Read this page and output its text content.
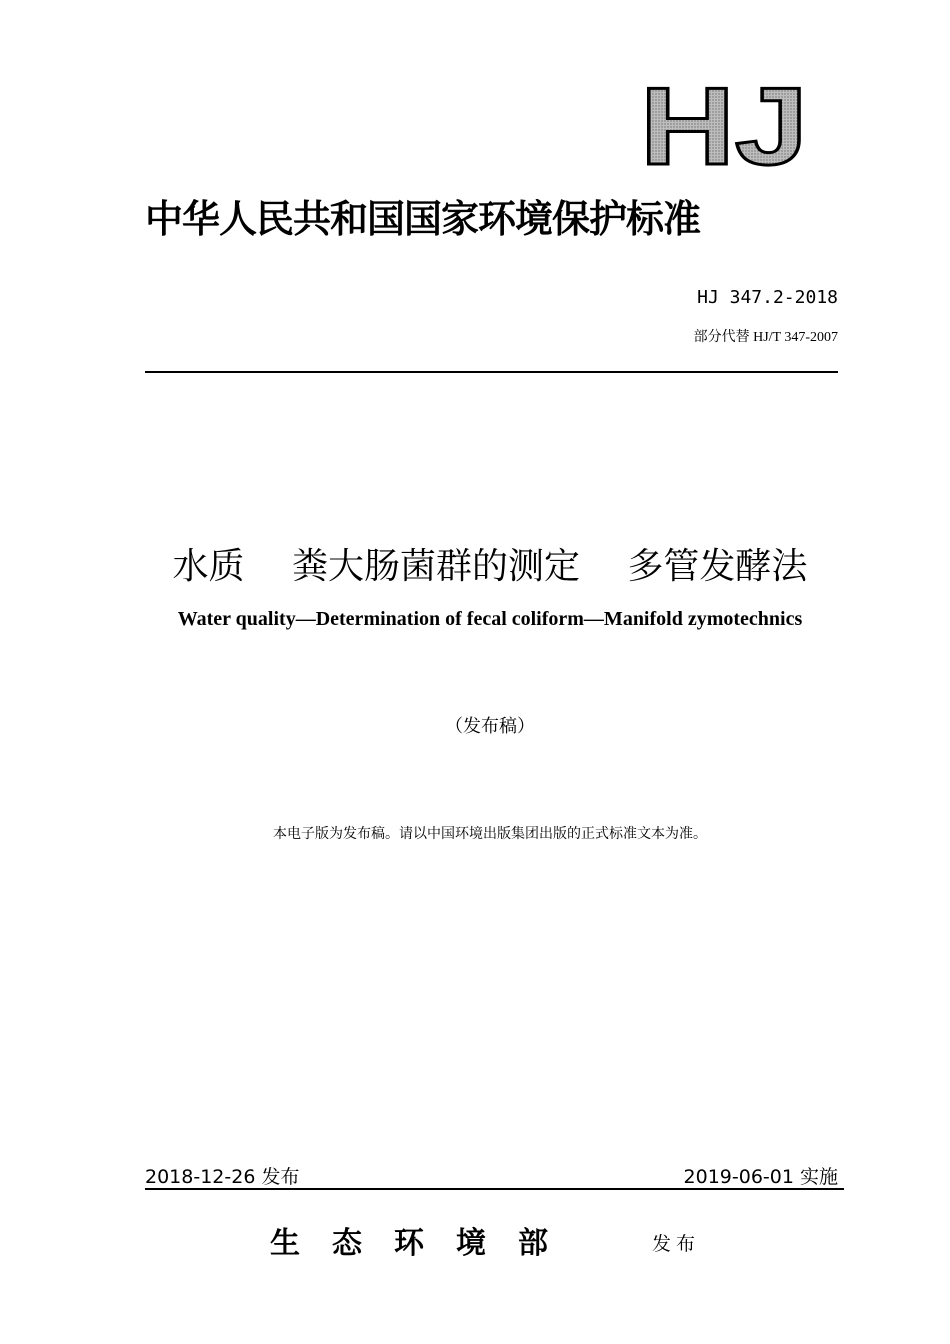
HJ
中华人民共和国国家环境保护标准
HJ 347.2-2018
部分代替 HJ/T 347-2007
水质　 粪大肠菌群的测定　 多管发酵法
Water quality—Determination of fecal coliform—Manifold zymotechnics
（发布稿）
本电子版为发布稿。请以中国环境出版集团出版的正式标准文本为准。
2018-12-26 发布	2019-06-01 实施
生态环境部	发布
